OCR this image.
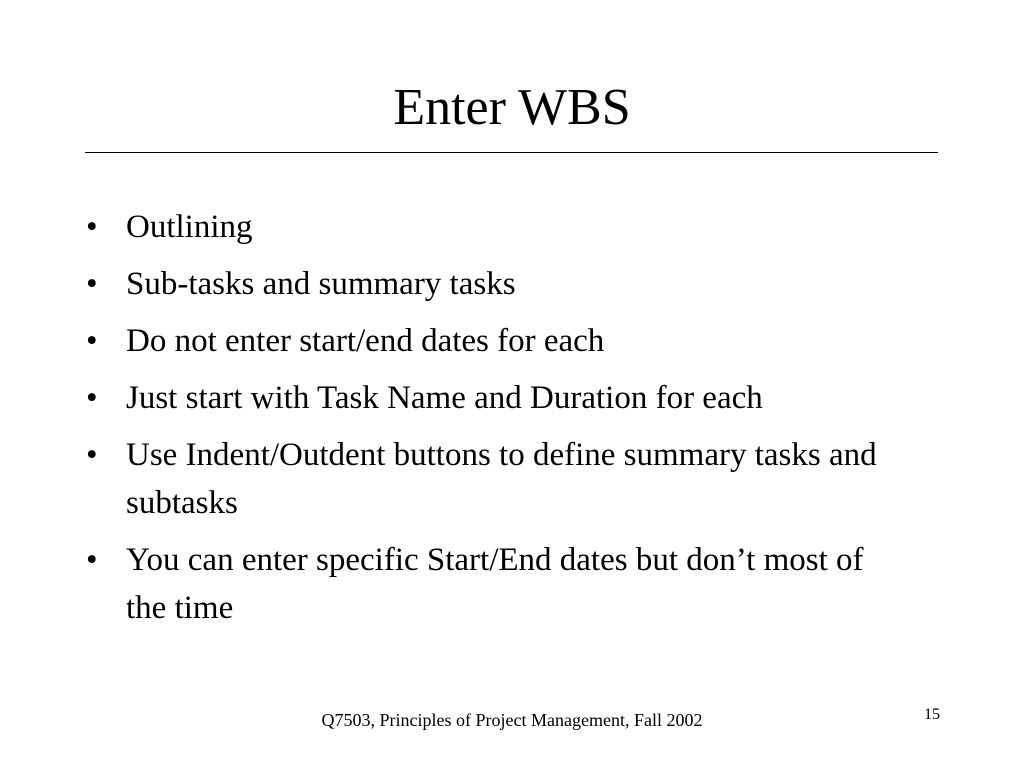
Enter WBS
• Outlining
• Sub-tasks and summary tasks
• Do not enter start/end dates for each
• Just start with Task Name and Duration for each
• Use Indent/Outdent buttons to define summary tasks and subtasks
• You can enter specific Start/End dates but don’t most of the time
Q7503, Principles of Project Management, Fall 2002	15
